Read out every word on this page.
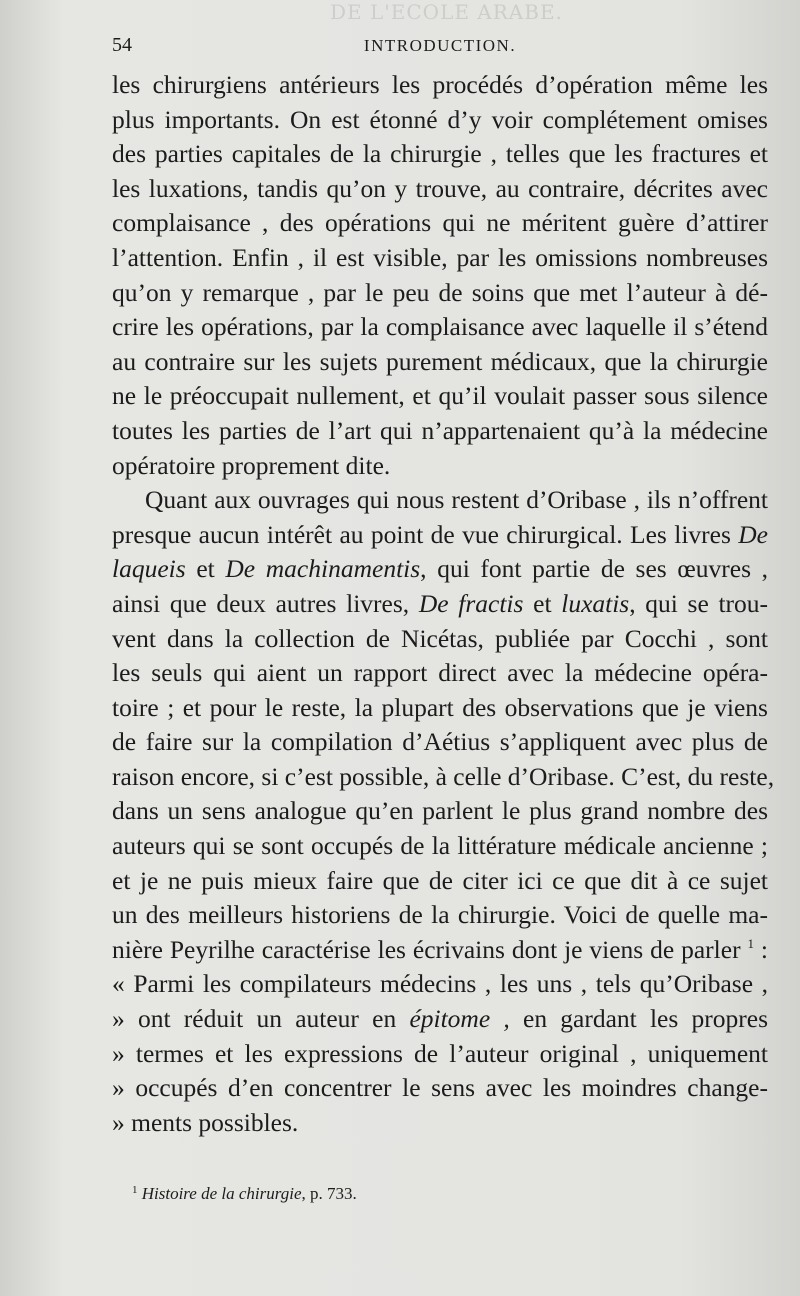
DE L'ECOLE ARABE.
54	INTRODUCTION.
les chirurgiens antérieurs les procédés d’opération même les
plus importants. On est étonné d’y voir complétement omises
des parties capitales de la chirurgie , telles que les fractures et
les luxations, tandis qu’on y trouve, au contraire, décrites avec
complaisance , des opérations qui ne méritent guère d’attirer
l’attention. Enfin , il est visible, par les omissions nombreuses
qu’on y remarque , par le peu de soins que met l’auteur à dé-
crire les opérations, par la complaisance avec laquelle il s’étend
au contraire sur les sujets purement médicaux, que la chirurgie
ne le préoccupait nullement, et qu’il voulait passer sous silence
toutes les parties de l’art qui n’appartenaient qu’à la médecine
opératoire proprement dite.
Quant aux ouvrages qui nous restent d’Oribase , ils n’offrent
presque aucun intérêt au point de vue chirurgical. Les livres De
laqueis et De machinamentis, qui font partie de ses œuvres ,
ainsi que deux autres livres, De fractis et luxatis, qui se trou-
vent dans la collection de Nicétas, publiée par Cocchi , sont
les seuls qui aient un rapport direct avec la médecine opéra-
toire ; et pour le reste, la plupart des observations que je viens
de faire sur la compilation d’Aétius s’appliquent avec plus de
raison encore, si c’est possible, à celle d’Oribase. C’est, du reste,
dans un sens analogue qu’en parlent le plus grand nombre des
auteurs qui se sont occupés de la littérature médicale ancienne ;
et je ne puis mieux faire que de citer ici ce que dit à ce sujet
un des meilleurs historiens de la chirurgie. Voici de quelle ma-
nière Peyrilhe caractérise les écrivains dont je viens de parler $^1$ :
« Parmi les compilateurs médecins , les uns , tels qu’Oribase ,
» ont réduit un auteur en épitome , en gardant les propres
» termes et les expressions de l’auteur original , uniquement
» occupés d’en concentrer le sens avec les moindres change-
» ments possibles.
$^1$ Histoire de la chirurgie, p. 733.
